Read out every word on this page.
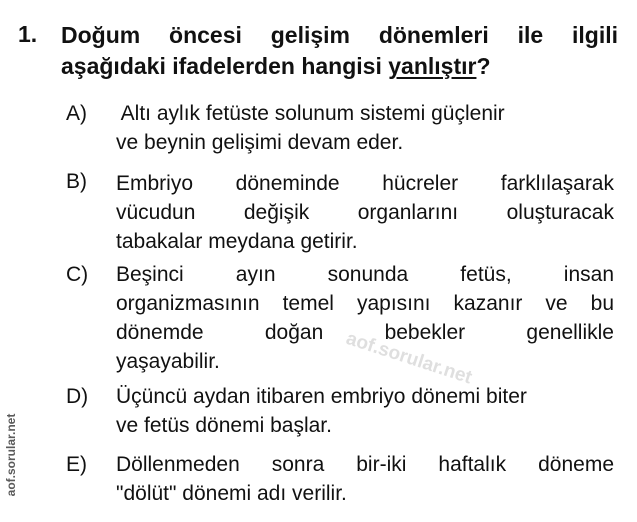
1. Doğum öncesi gelişim dönemleri ile ilgili
aşağıdaki ifadelerden hangisi yanlıştır?
A) Altı aylık fetüste solunum sistemi güçlenir
ve beynin gelişimi devam eder.
B) Embriyo döneminde hücreler farklılaşarak
vücudun değişik organlarını oluşturacak
tabakalar meydana getirir.
C) Beşinci ayın sonunda fetüs, insan
organizmasının temel yapısını kazanır ve bu
dönemde doğan bebekler genellikle
yaşayabilir.
D) Üçüncü aydan itibaren embriyo dönemi biter
ve fetüs dönemi başlar.
E) Döllenmeden sonra bir-iki haftalık döneme
"dölüt" dönemi adı verilir.
aof.sorular.net
aof.sorular.net
